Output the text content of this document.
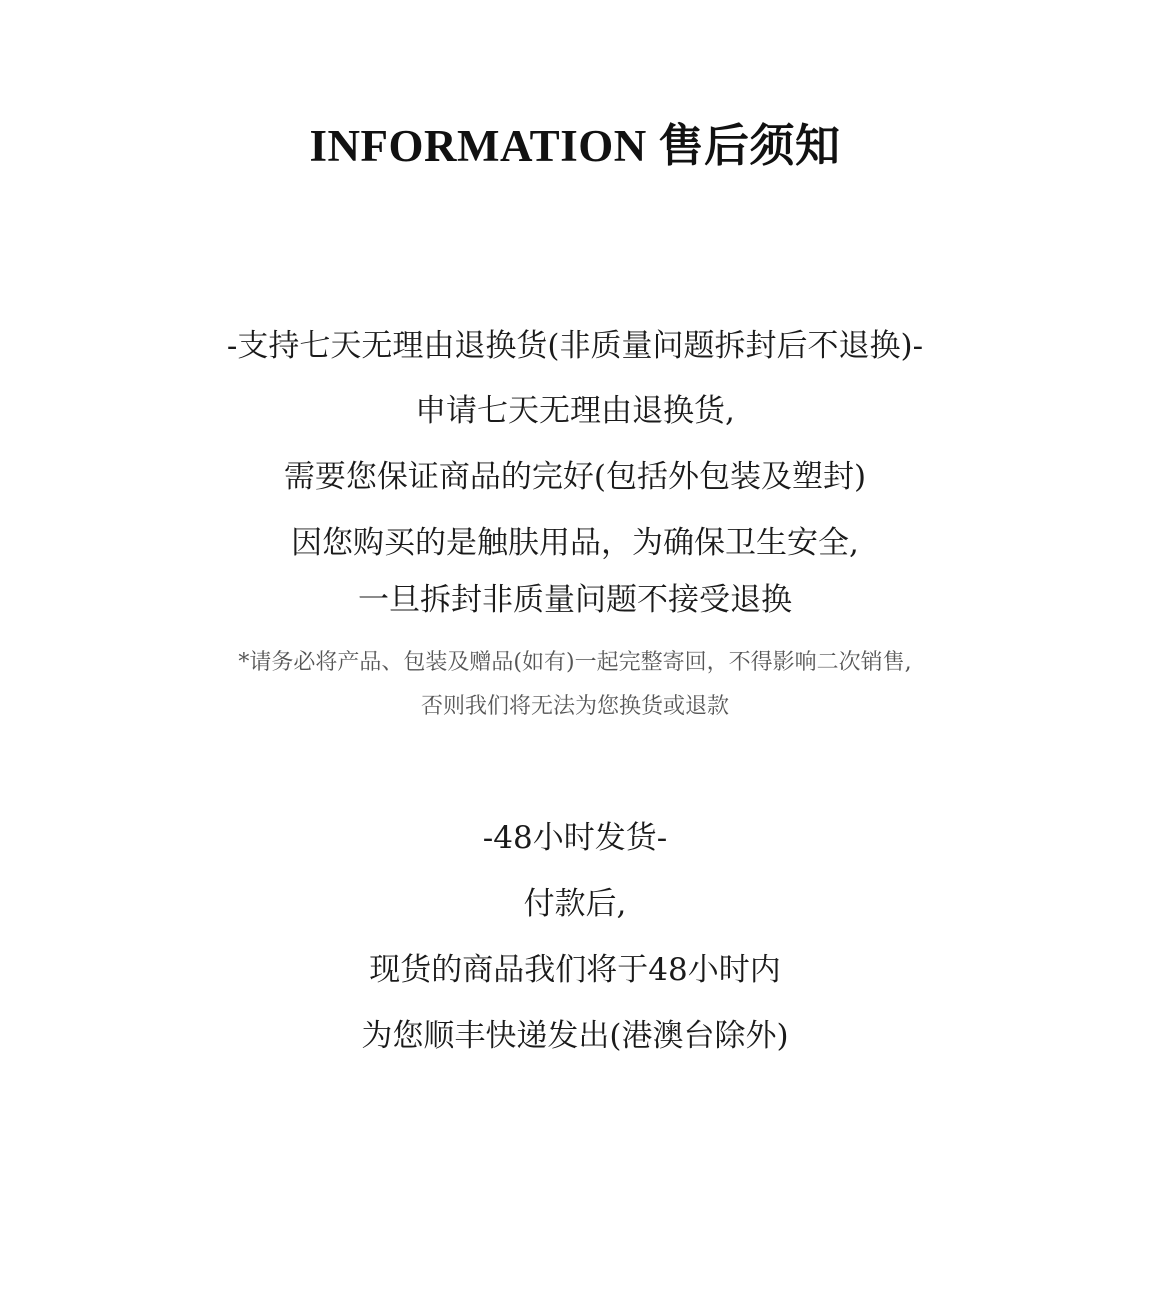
INFORMATION 售后须知
-支持七天无理由退换货(非质量问题拆封后不退换)-
申请七天无理由退换货,
需要您保证商品的完好(包括外包装及塑封)
因您购买的是触肤用品，为确保卫生安全,
一旦拆封非质量问题不接受退换
*请务必将产品、包装及赠品(如有)一起完整寄回，不得影响二次销售,
否则我们将无法为您换货或退款
-48小时发货-
付款后,
现货的商品我们将于48小时内
为您顺丰快递发出(港澳台除外)
